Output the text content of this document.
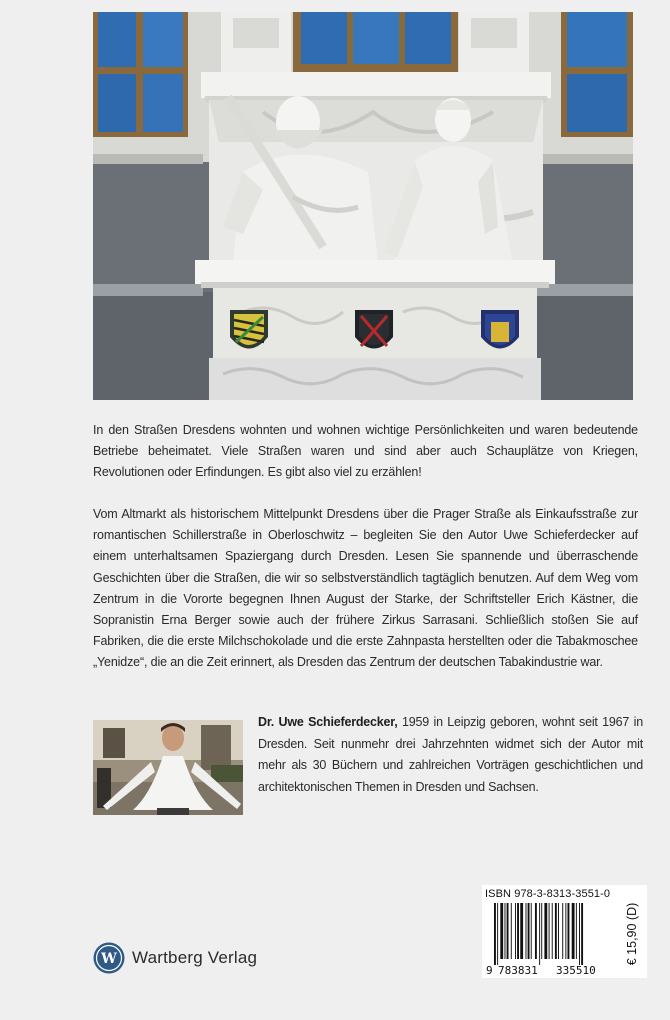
In den Straßen Dresdens wohnten und wohnen wichtige Persönlichkeiten und waren bedeutende Betriebe beheimatet. Viele Straßen waren und sind aber auch Schauplätze von Kriegen, Revolutionen oder Erfindungen. Es gibt also viel zu erzählen!

Vom Altmarkt als historischem Mittelpunkt Dresdens über die Prager Straße als Einkaufsstraße zur romantischen Schillerstraße in Oberloschwitz – begleiten Sie den Autor Uwe Schieferdecker auf einem unterhaltsamen Spaziergang durch Dresden. Lesen Sie spannende und überraschende Geschichten über die Straßen, die wir so selbstverständlich tagtäglich benutzen. Auf dem Weg vom Zentrum in die Vororte begegnen Ihnen August der Starke, der Schriftsteller Erich Kästner, die Sopranistin Erna Berger sowie auch der frühere Zirkus Sarrasani. Schließlich stoßen Sie auf Fabriken, die die erste Milchschokolade und die erste Zahnpasta herstellten oder die Tabakmoschee „Yenidze“, die an die Zeit erinnert, als Dresden das Zentrum der deutschen Tabakindustrie war.

Dr. Uwe Schieferdecker, 1959 in Leipzig geboren, wohnt seit 1967 in Dresden. Seit nunmehr drei Jahrzehnten widmet sich der Autor mit mehr als 30 Büchern und zahlreichen Vorträgen geschichtlichen und architektonischen Themen in Dresden und Sachsen.

W Wartberg Verlag
ISBN 978-3-8313-3551-0
9 783831 335510
€ 15,90 (D)
